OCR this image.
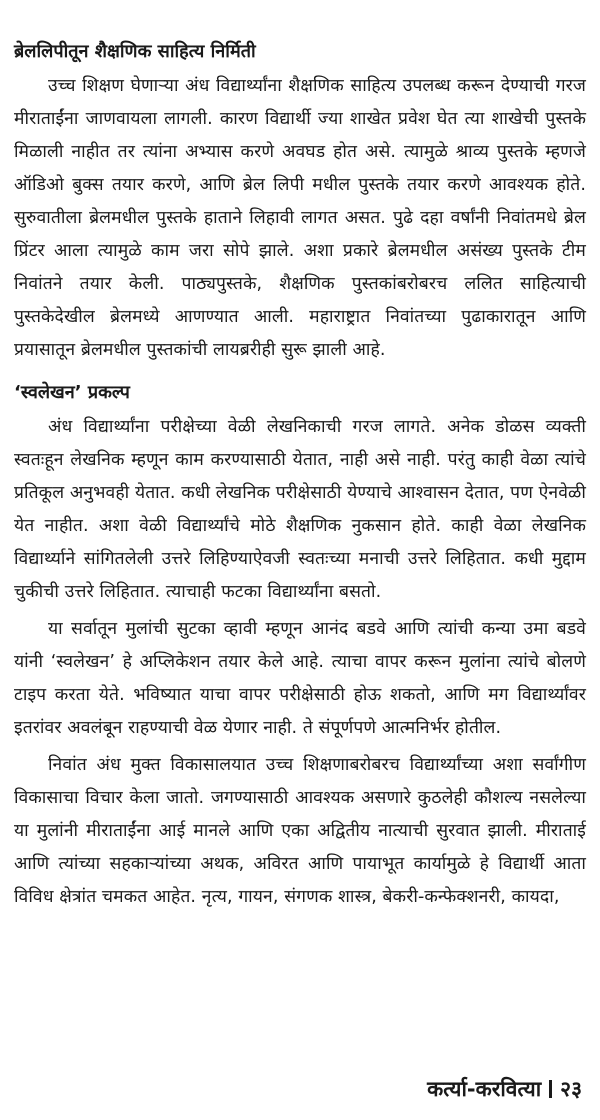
ब्रेललिपीतून शैक्षणिक साहित्य निर्मिती

उच्च शिक्षण घेणाऱ्या अंध विद्यार्थ्यांना शैक्षणिक साहित्य उपलब्ध करून देण्याची गरज मीराताईंना जाणवायला लागली. कारण विद्यार्थी ज्या शाखेत प्रवेश घेत त्या शाखेची पुस्तके मिळाली नाहीत तर त्यांना अभ्यास करणे अवघड होत असे. त्यामुळे श्राव्य पुस्तके म्हणजे ऑडिओ बुक्स तयार करणे, आणि ब्रेल लिपी मधील पुस्तके तयार करणे आवश्यक होते. सुरुवातीला ब्रेलमधील पुस्तके हाताने लिहावी लागत असत. पुढे दहा वर्षांनी निवांतमधे ब्रेल प्रिंटर आला त्यामुळे काम जरा सोपे झाले. अशा प्रकारे ब्रेलमधील असंख्य पुस्तके टीम निवांतने तयार केली. पाठ्यपुस्तके, शैक्षणिक पुस्तकांबरोबरच ललित साहित्याची पुस्तकेदेखील ब्रेलमध्ये आणण्यात आली. महाराष्ट्रात निवांतच्या पुढाकारातून आणि प्रयासातून ब्रेलमधील पुस्तकांची लायब्ररीही सुरू झाली आहे.

‘स्वलेखन’ प्रकल्प

अंध विद्यार्थ्यांना परीक्षेच्या वेळी लेखनिकाची गरज लागते. अनेक डोळस व्यक्ती स्वतःहून लेखनिक म्हणून काम करण्यासाठी येतात, नाही असे नाही. परंतु काही वेळा त्यांचे प्रतिकूल अनुभवही येतात. कधी लेखनिक परीक्षेसाठी येण्याचे आश्वासन देतात, पण ऐनवेळी येत नाहीत. अशा वेळी विद्यार्थ्यांचे मोठे शैक्षणिक नुकसान होते. काही वेळा लेखनिक विद्यार्थ्याने सांगितलेली उत्तरे लिहिण्याऐवजी स्वतःच्या मनाची उत्तरे लिहितात. कधी मुद्दाम चुकीची उत्तरे लिहितात. त्याचाही फटका विद्यार्थ्यांना बसतो.

या सर्वातून मुलांची सुटका व्हावी म्हणून आनंद बडवे आणि त्यांची कन्या उमा बडवे यांनी ‘स्वलेखन’ हे अप्लिकेशन तयार केले आहे. त्याचा वापर करून मुलांना त्यांचे बोलणे टाइप करता येते. भविष्यात याचा वापर परीक्षेसाठी होऊ शकतो, आणि मग विद्यार्थ्यांवर इतरांवर अवलंबून राहण्याची वेळ येणार नाही. ते संपूर्णपणे आत्मनिर्भर होतील.

निवांत अंध मुक्त विकासालयात उच्च शिक्षणाबरोबरच विद्यार्थ्यांच्या अशा सर्वांगीण विकासाचा विचार केला जातो. जगण्यासाठी आवश्यक असणारे कुठलेही कौशल्य नसलेल्या या मुलांनी मीराताईंना आई मानले आणि एका अद्वितीय नात्याची सुरवात झाली. मीराताई आणि त्यांच्या सहकाऱ्यांच्या अथक, अविरत आणि पायाभूत कार्यामुळे हे विद्यार्थी आता विविध क्षेत्रांत चमकत आहेत. नृत्य, गायन, संगणक शास्त्र, बेकरी-कन्फेक्शनरी, कायदा,

कर्त्या-करवित्या २३
